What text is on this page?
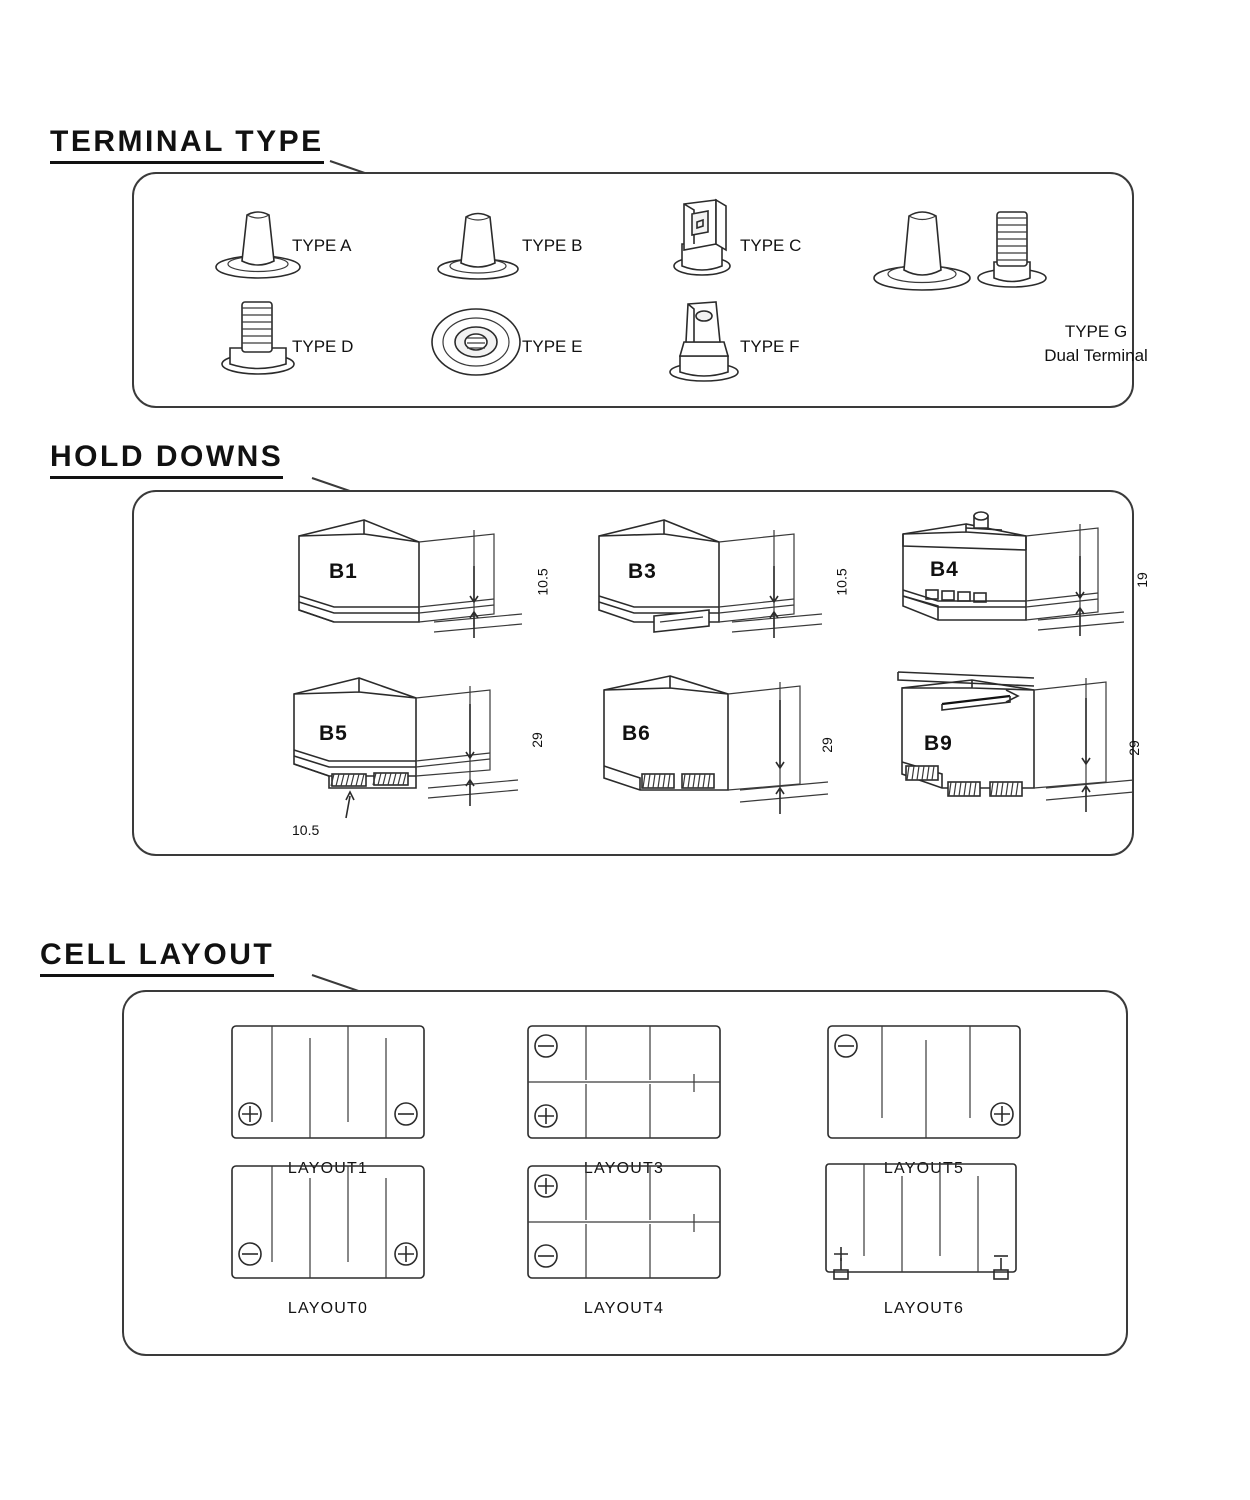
TERMINAL TYPE
TYPE A	TYPE B	TYPE C
TYPE G
Dual Terminal
TYPE D	TYPE E	TYPE F
HOLD DOWNS
B1	10.5	B3	10.5	B4	19
B5	29
10.5
B6	29	B9	29
CELL LAYOUT
LAYOUT1	LAYOUT3	LAYOUT5
LAYOUT0	LAYOUT4	LAYOUT6
